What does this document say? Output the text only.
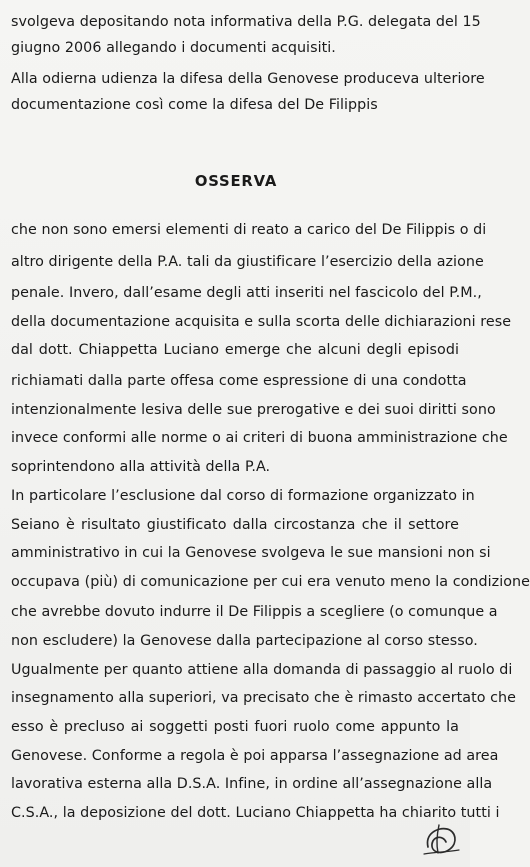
svolgeva depositando nota informativa della P.G. delegata del 15
giugno 2006 allegando i documenti acquisiti.
Alla odierna udienza la difesa della Genovese produceva ulteriore
documentazione così come la difesa del De Filippis
OSSERVA
che non sono emersi elementi di reato a carico del De Filippis o di
altro dirigente della P.A. tali da giustificare l’esercizio della azione
penale. Invero, dall’esame degli atti inseriti nel fascicolo del P.M.,
della documentazione acquisita e sulla scorta delle dichiarazioni rese
dal dott. Chiappetta Luciano emerge che alcuni degli episodi
richiamati dalla parte offesa come espressione di una condotta
intenzionalmente lesiva delle sue prerogative e dei suoi diritti sono
invece conformi alle norme o ai criteri di buona amministrazione che
soprintendono alla attività della P.A.
In particolare l’esclusione dal corso di formazione organizzato in
Seiano è risultato giustificato dalla circostanza che il settore
amministrativo in cui la Genovese svolgeva le sue mansioni non si
occupava (più) di comunicazione per cui era venuto meno la condizione
che avrebbe dovuto indurre il De Filippis a scegliere (o comunque a
non escludere) la Genovese dalla partecipazione al corso stesso.
Ugualmente per quanto attiene alla domanda di passaggio al ruolo di
insegnamento alla superiori, va precisato che è rimasto accertato che
esso è precluso ai soggetti posti fuori ruolo come appunto la
Genovese. Conforme a regola è poi apparsa l’assegnazione ad area
lavorativa esterna alla D.S.A. Infine, in ordine all’assegnazione alla
C.S.A., la deposizione del dott. Luciano Chiappetta ha chiarito tutti i
